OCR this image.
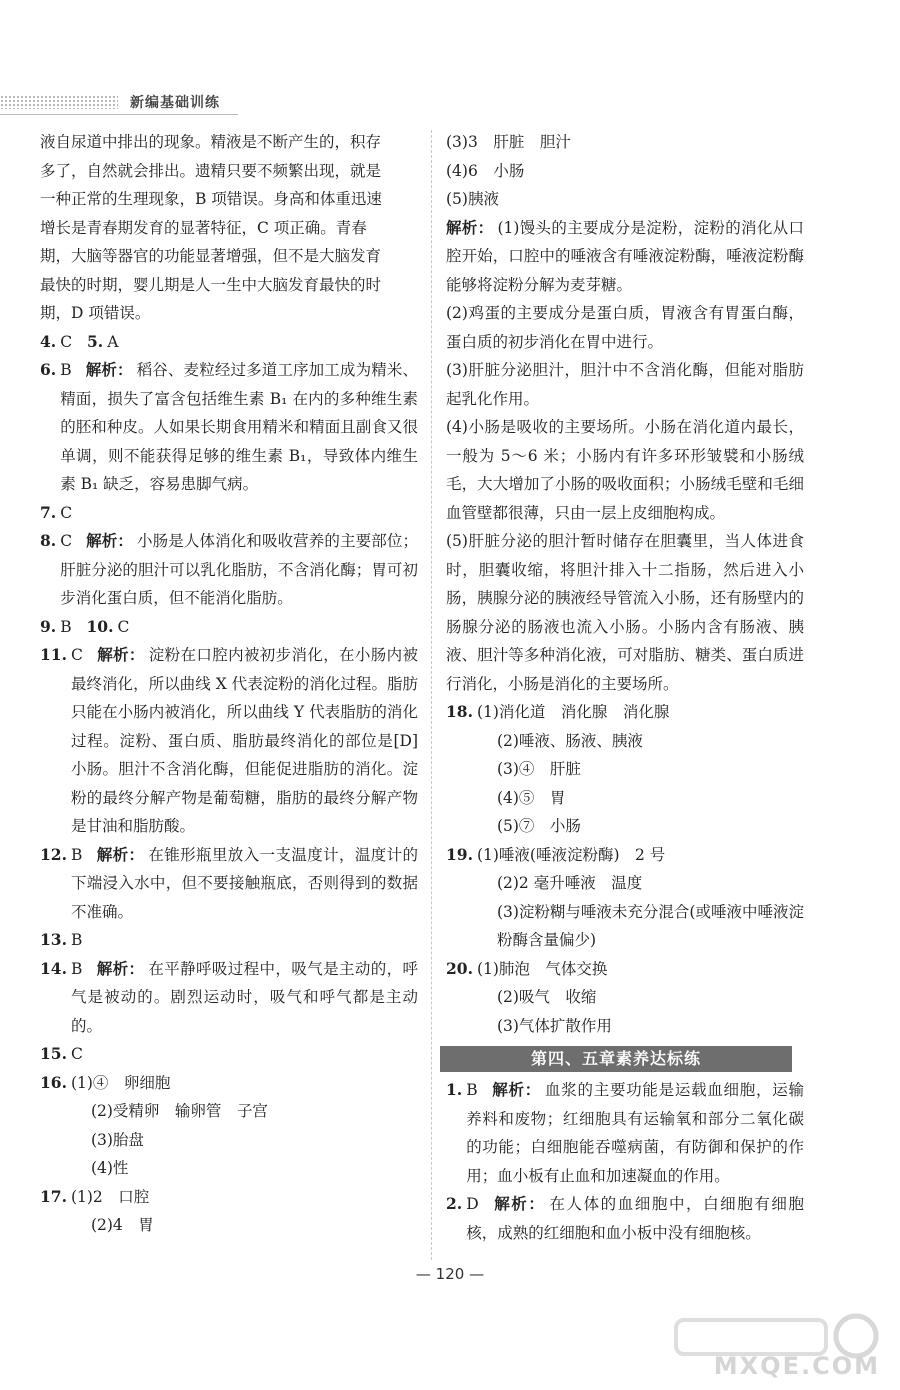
新编基础训练

液自尿道中排出的现象。精液是不断产生的，积存

多了，自然就会排出。遗精只要不频繁出现，就是

一种正常的生理现象，B 项错误。身高和体重迅速

增长是青春期发育的显著特征，C 项正确。青春

期，大脑等器官的功能显著增强，但不是大脑发育

最快的时期，婴儿期是人一生中大脑发育最快的时

期，D 项错误。

4. C 5. A
6. B 解析： 稻谷、麦粒经过多道工序加工成为精米、精面，损失了富含包括维生素 B₁ 在内的多种维生素的胚和种皮。人如果长期食用精米和精面且副食又很单调，则不能获得足够的维生素 B₁，导致体内维生素 B₁ 缺乏，容易患脚气病。
7. C
8. C 解析： 小肠是人体消化和吸收营养的主要部位；肝脏分泌的胆汁可以乳化脂肪，不含消化酶；胃可初步消化蛋白质，但不能消化脂肪。
9. B 10. C
11. C 解析： 淀粉在口腔内被初步消化，在小肠内被最终消化，所以曲线 X 代表淀粉的消化过程。脂肪只能在小肠内被消化，所以曲线 Y 代表脂肪的消化过程。淀粉、蛋白质、脂肪最终消化的部位是[D]小肠。胆汁不含消化酶，但能促进脂肪的消化。淀粉的最终分解产物是葡萄糖，脂肪的最终分解产物是甘油和脂肪酸。
12. B 解析： 在锥形瓶里放入一支温度计，温度计的下端浸入水中，但不要接触瓶底，否则得到的数据不准确。
13. B
14. B 解析： 在平静呼吸过程中，吸气是主动的，呼气是被动的。剧烈运动时，吸气和呼气都是主动的。
15. C
16. (1)④　卵细胞

(2)受精卵　输卵管　子宫

(3)胎盘

(4)性

17. (1)2　口腔

(2)4　胃

(3)3　肝脏　胆汁

(4)6　小肠

(5)胰液

解析： (1)馒头的主要成分是淀粉，淀粉的消化从口腔开始，口腔中的唾液含有唾液淀粉酶，唾液淀粉酶能够将淀粉分解为麦芽糖。

(2)鸡蛋的主要成分是蛋白质，胃液含有胃蛋白酶，蛋白质的初步消化在胃中进行。

(3)肝脏分泌胆汁，胆汁中不含消化酶，但能对脂肪起乳化作用。

(4)小肠是吸收的主要场所。小肠在消化道内最长，一般为 5～6 米；小肠内有许多环形皱襞和小肠绒毛，大大增加了小肠的吸收面积；小肠绒毛壁和毛细血管壁都很薄，只由一层上皮细胞构成。

(5)肝脏分泌的胆汁暂时储存在胆囊里，当人体进食时，胆囊收缩，将胆汁排入十二指肠，然后进入小肠，胰腺分泌的胰液经导管流入小肠，还有肠壁内的肠腺分泌的肠液也流入小肠。小肠内含有肠液、胰液、胆汁等多种消化液，可对脂肪、糖类、蛋白质进行消化，小肠是消化的主要场所。

18. (1)消化道　消化腺　消化腺

(2)唾液、肠液、胰液

(3)④　肝脏

(4)⑤　胃

(5)⑦　小肠

19. (1)唾液(唾液淀粉酶)　2 号

(2)2 毫升唾液　温度

(3)淀粉糊与唾液未充分混合(或唾液中唾液淀粉酶含量偏少)

20. (1)肺泡　气体交换

(2)吸气　收缩

(3)气体扩散作用

第四、五章素养达标练
1. B 解析： 血浆的主要功能是运载血细胞，运输养料和废物；红细胞具有运输氧和部分二氧化碳的功能；白细胞能吞噬病菌，有防御和保护的作用；血小板有止血和加速凝血的作用。
2. D 解析： 在人体的血细胞中，白细胞有细胞核，成熟的红细胞和血小板中没有细胞核。
— 120 —
MXQE.COM
